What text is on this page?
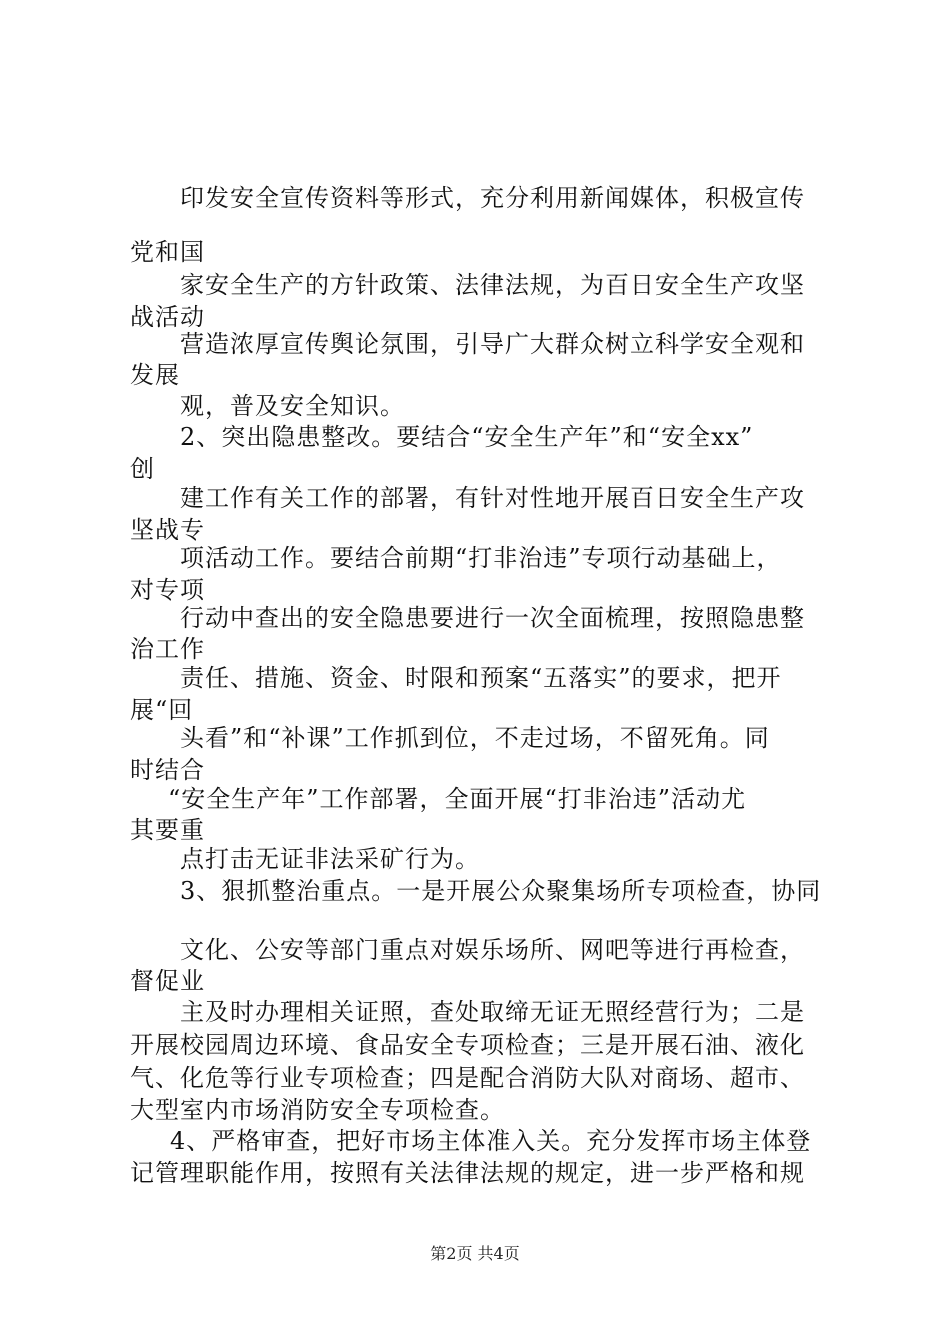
印发安全宣传资料等形式，充分利用新闻媒体，积极宣传
党和国
家安全生产的方针政策、法律法规，为百日安全生产攻坚
战活动
营造浓厚宣传舆论氛围，引导广大群众树立科学安全观和
发展
观，普及安全知识。
2、突出隐患整改。要结合“安全生产年”和“安全xx”
创
建工作有关工作的部署，有针对性地开展百日安全生产攻
坚战专
项活动工作。要结合前期“打非治违”专项行动基础上，
对专项
行动中查出的安全隐患要进行一次全面梳理，按照隐患整
治工作
责任、措施、资金、时限和预案“五落实”的要求，把开
展“回
头看”和“补课”工作抓到位，不走过场，不留死角。同
时结合
“安全生产年”工作部署，全面开展“打非治违”活动尤
其要重
点打击无证非法采矿行为。
3、狠抓整治重点。一是开展公众聚集场所专项检查，协同
文化、公安等部门重点对娱乐场所、网吧等进行再检查，
督促业
主及时办理相关证照，查处取缔无证无照经营行为；二是
开展校园周边环境、食品安全专项检查；三是开展石油、液化
气、化危等行业专项检查；四是配合消防大队对商场、超市、
大型室内市场消防安全专项检查。
4、严格审查，把好市场主体准入关。充分发挥市场主体登
记管理职能作用，按照有关法律法规的规定，进一步严格和规
第2页 共4页
